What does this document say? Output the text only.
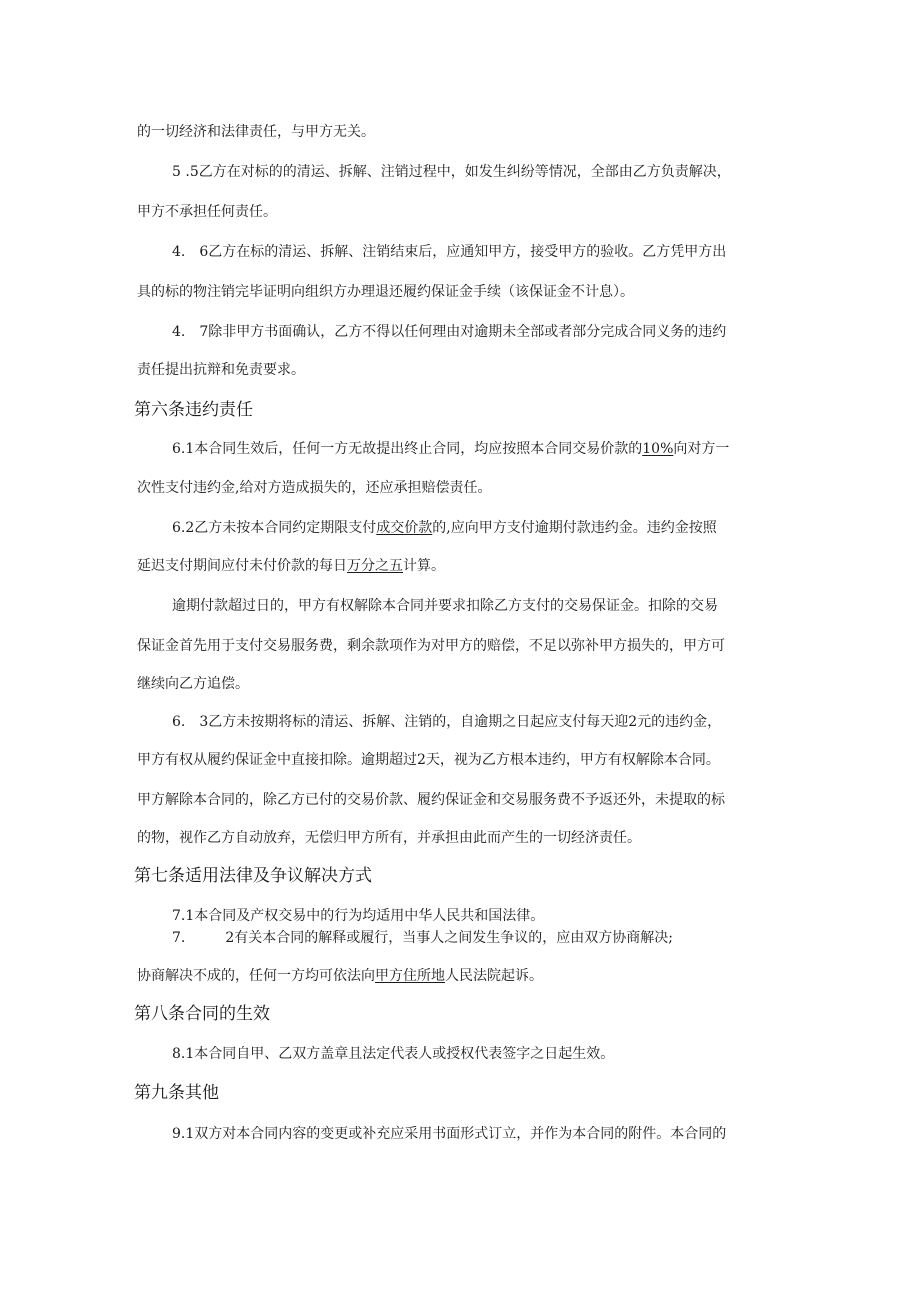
的一切经济和法律责任，与甲方无关。
5 .5乙方在对标的的清运、拆解、注销过程中，如发生纠纷等情况，全部由乙方负责解决，
甲方不承担任何责任。
4. 6乙方在标的清运、拆解、注销结束后，应通知甲方，接受甲方的验收。乙方凭甲方出
具的标的物注销完毕证明向组织方办理退还履约保证金手续（该保证金不计息）。
4. 7除非甲方书面确认，乙方不得以任何理由对逾期未全部或者部分完成合同义务的违约
责任提出抗辩和免责要求。
第六条违约责任
6.1本合同生效后，任何一方无故提出终止合同，均应按照本合同交易价款的10%向对方一
次性支付违约金,给对方造成损失的，还应承担赔偿责任。
6.2乙方未按本合同约定期限支付成交价款的,应向甲方支付逾期付款违约金。违约金按照
延迟支付期间应付未付价款的每日万分之五计算。
逾期付款超过日的，甲方有权解除本合同并要求扣除乙方支付的交易保证金。扣除的交易
保证金首先用于支付交易服务费，剩余款项作为对甲方的赔偿，不足以弥补甲方损失的，甲方可
继续向乙方追偿。
6. 3乙方未按期将标的清运、拆解、注销的，自逾期之日起应支付每天迎2元的违约金，
甲方有权从履约保证金中直接扣除。逾期超过2天，视为乙方根本违约，甲方有权解除本合同。
甲方解除本合同的，除乙方已付的交易价款、履约保证金和交易服务费不予返还外，未提取的标
的物，视作乙方自动放弃，无偿归甲方所有，并承担由此而产生的一切经济责任。
第七条适用法律及争议解决方式
7.1本合同及产权交易中的行为均适用中华人民共和国法律。
7.	2有关本合同的解释或履行，当事人之间发生争议的，应由双方协商解决;
协商解决不成的，任何一方均可依法向甲方住所地人民法院起诉。
第八条合同的生效
8.1本合同自甲、乙双方盖章且法定代表人或授权代表签字之日起生效。
第九条其他
9.1双方对本合同内容的变更或补充应采用书面形式订立，并作为本合同的附件。本合同的
